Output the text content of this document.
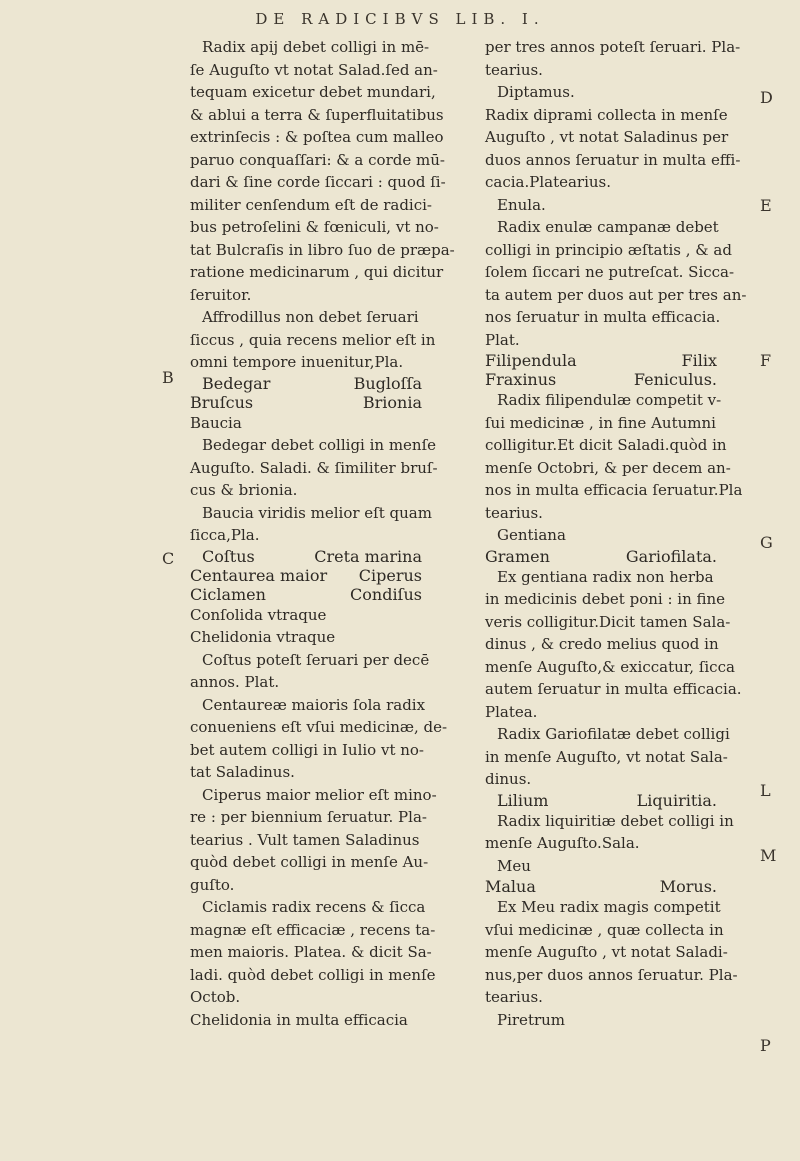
DE RADICIBVS LIB. I.

Radix apij debet colligi in mē-

ſe Auguſto vt notat Salad.ſed an-

tequam exicetur debet mundari,

& ablui a terra & ſuperfluitatibus

extrinſecis : & poſtea cum malleo

paruo conquaſſari: & a corde mū-

dari & ſine corde ſiccari : quod ſi-

militer cenſendum eſt de radici-

bus petroſelini & fœniculi, vt no-

tat Bulcraſis in libro ſuo de præpa-

ratione medicinarum , qui dicitur

ſeruitor.

Affrodillus non debet ſeruari

ſiccus , quia recens melior eſt in

omni tempore inuenitur,Pla.

Bedegar	Bugloſſa
Bruſcus	Brionia

Baucia

Bedegar debet colligi in menſe

Auguſto. Saladi. & ſimiliter bruſ-

cus & brionia.

Baucia viridis melior eſt quam

ſicca,Pla.

Coſtus	Creta marina
Centaurea maior Ciperus
Ciclamen	Condiſus

Conſolida vtraque

Chelidonia vtraque

Coſtus poteſt ſeruari per decē

annos. Plat.

Centaureæ maioris ſola radix

conueniens eſt vſui medicinæ, de-

bet autem colligi in Iulio vt no-

tat Saladinus.

Ciperus maior melior eſt mino-

re : per biennium ſeruatur. Pla-

tearius . Vult tamen Saladinus

quòd debet colligi in menſe Au-

guſto.

Ciclamis radix recens & ſicca

magnæ eſt efficaciæ , recens ta-

men maioris. Platea. & dicit Sa-

ladi. quòd debet colligi in menſe

Octob.

Chelidonia in multa efficacia

per tres annos poteſt ſeruari. Pla-

tearius.

Diptamus.

Radix diprami collecta in menſe

Auguſto , vt notat Saladinus per

duos annos ſeruatur in multa effi-

cacia.Platearius.

Enula.

Radix enulæ campanæ debet

colligi in principio æſtatis , & ad

ſolem ſiccari ne putreſcat. Sicca-

ta autem per duos aut per tres an-

nos ſeruatur in multa efficacia.

Plat.

Filipendula	Filix
Fraxinus	Feniculus.

Radix filipendulæ competit v-

ſui medicinæ , in fine Autumni

colligitur.Et dicit Saladi.quòd in

menſe Octobri, & per decem an-

nos in multa efficacia ſeruatur.Pla

tearius.

Gentiana

Gramen	Gariofilata.

Ex gentiana radix non herba

in medicinis debet poni : in fine

veris colligitur.Dicit tamen Sala-

dinus , & credo melius quod in

menſe Auguſto,& exiccatur, ſicca

autem ſeruatur in multa efficacia.

Platea.

Radix Gariofilatæ debet colligi

in menſe Auguſto, vt notat Sala-

dinus.

Lilium	Liquiritia.

Radix liquiritiæ debet colligi in

menſe Auguſto.Sala.

Meu

Malua	Morus.

Ex Meu radix magis competit

vſui medicinæ , quæ collecta in

menſe Auguſto , vt notat Saladi-

nus,per duos annos ſeruatur. Pla-

tearius.

Piretrum

B
C
D
E
F
G
L
M
P
